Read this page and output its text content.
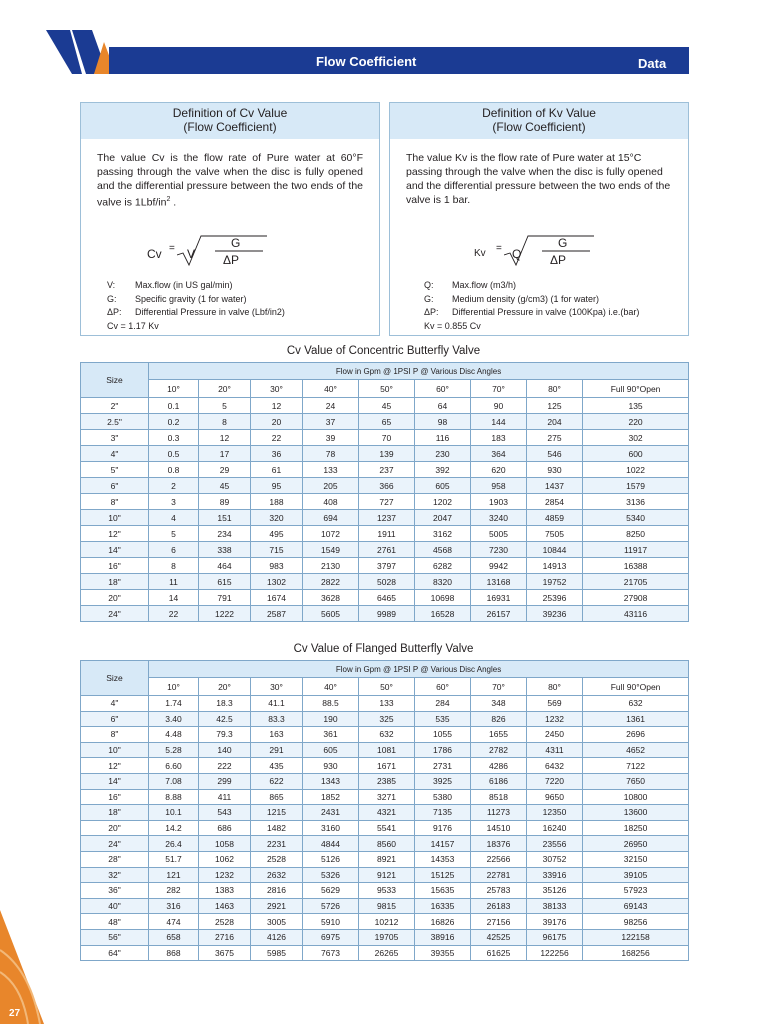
Flow Coefficient	Data
Definition of Cv Value
(Flow Coefficient)
The value Cv is the flow rate of Pure water at 60°F passing through the valve when the disc is fully opened and the differential pressure between the two ends of the valve is $1Lbf/in^2$ .
Cv = V
G
ΔP
V: Max.flow (in US gal/min)
G: Specific gravity (1 for water)
ΔP: Differential Pressure in valve (Lbf/in2)
Cv = 1.17 Kv
Definition of Kv Value
(Flow Coefficient)
The value Kv is the flow rate of Pure water at 15°C passing through the valve when the disc is fully opened and the differential pressure between the two ends of the valve is 1 bar.
Kv = Q
G
ΔP
Q: Max.flow (m3/h)
G: Medium density (g/cm3) (1 for water)
ΔP: Differential Pressure in valve (100Kpa) i.e.(bar)
Kv = 0.855 Cv
Cv Value of Concentric Butterfly Valve
Size	Flow in Gpm @ 1PSI P @ Various Disc Angles								
	10°	20°	30°	40°	50°	60°	70°	80°	Full 90°Open
2"	0.1	5	12	24	45	64	90	125	135
2.5"	0.2	8	20	37	65	98	144	204	220
3"	0.3	12	22	39	70	116	183	275	302
4"	0.5	17	36	78	139	230	364	546	600
5"	0.8	29	61	133	237	392	620	930	1022
6"	2	45	95	205	366	605	958	1437	1579
8"	3	89	188	408	727	1202	1903	2854	3136
10"	4	151	320	694	1237	2047	3240	4859	5340
12"	5	234	495	1072	1911	3162	5005	7505	8250
14"	6	338	715	1549	2761	4568	7230	10844	11917
16"	8	464	983	2130	3797	6282	9942	14913	16388
18"	11	615	1302	2822	5028	8320	13168	19752	21705
20"	14	791	1674	3628	6465	10698	16931	25396	27908
24"	22	1222	2587	5605	9989	16528	26157	39236	43116
Cv Value of Flanged Butterfly Valve
Size	Flow in Gpm @ 1PSI P @ Various Disc Angles								
	10°	20°	30°	40°	50°	60°	70°	80°	Full 90°Open
4"	1.74	18.3	41.1	88.5	133	284	348	569	632
6"	3.40	42.5	83.3	190	325	535	826	1232	1361
8"	4.48	79.3	163	361	632	1055	1655	2450	2696
10"	5.28	140	291	605	1081	1786	2782	4311	4652
12"	6.60	222	435	930	1671	2731	4286	6432	7122
14"	7.08	299	622	1343	2385	3925	6186	7220	7650
16"	8.88	411	865	1852	3271	5380	8518	9650	10800
18"	10.1	543	1215	2431	4321	7135	11273	12350	13600
20"	14.2	686	1482	3160	5541	9176	14510	16240	18250
24"	26.4	1058	2231	4844	8560	14157	18376	23556	26950
28"	51.7	1062	2528	5126	8921	14353	22566	30752	32150
32"	121	1232	2632	5326	9121	15125	22781	33916	39105
36"	282	1383	2816	5629	9533	15635	25783	35126	57923
40"	316	1463	2921	5726	9815	16335	26183	38133	69143
48"	474	2528	3005	5910	10212	16826	27156	39176	98256
56"	658	2716	4126	6975	19705	38916	42525	96175	122158
64"	868	3675	5985	7673	26265	39355	61625	122256	168256
27
